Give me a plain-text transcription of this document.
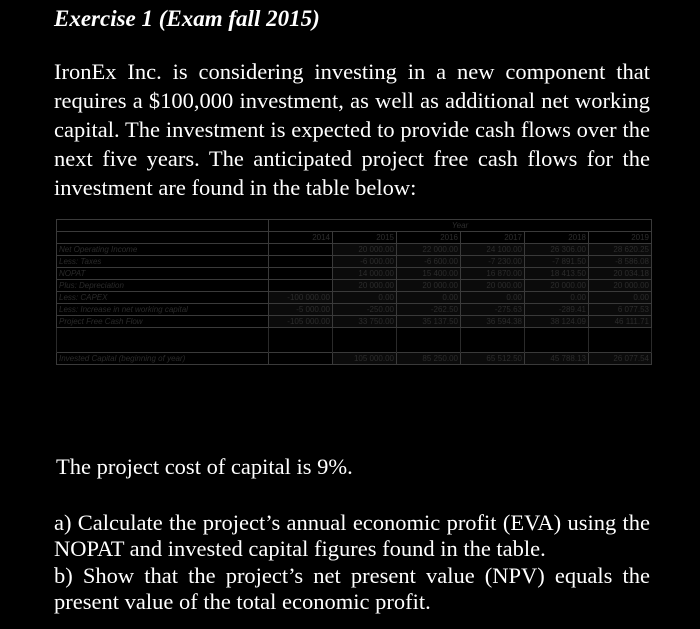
Exercise 1 (Exam fall 2015)

IronEx Inc. is considering investing in a new component that requires a $100,000 investment, as well as additional net working capital. The investment is expected to provide cash flows over the next five years. The anticipated project free cash flows for the investment are found in the table below:

	Year					
	2014	2015	2016	2017	2018	2019
Net Operating Income		20 000.00	22 000.00	24 100.00	26 306.00	28 620.25
Less: Taxes		-6 000.00	-6 600.00	-7 230.00	-7 891.50	-8 586.08
NOPAT		14 000.00	15 400.00	16 870.00	18 413.50	20 034.18
Plus: Depreciation		20 000.00	20 000.00	20 000.00	20 000.00	20 000.00
Less: CAPEX	-100 000.00	0.00	0.00	0.00	0.00	0.00
Less: Increase in net working capital	-5 000.00	-250.00	-262.50	-275.63	-289.41	6 077.53
Project Free Cash Flow	-105 000.00	33 750.00	35 137.50	36 594.38	38 124.09	46 111.71

Invested Capital (beginning of year)		105 000.00	85 250.00	65 512.50	45 788.13	26 077.54

The project cost of capital is 9%.

a) Calculate the project’s annual economic profit (EVA) using the NOPAT and invested capital figures found in the table.

b) Show that the project’s net present value (NPV) equals the present value of the total economic profit.
